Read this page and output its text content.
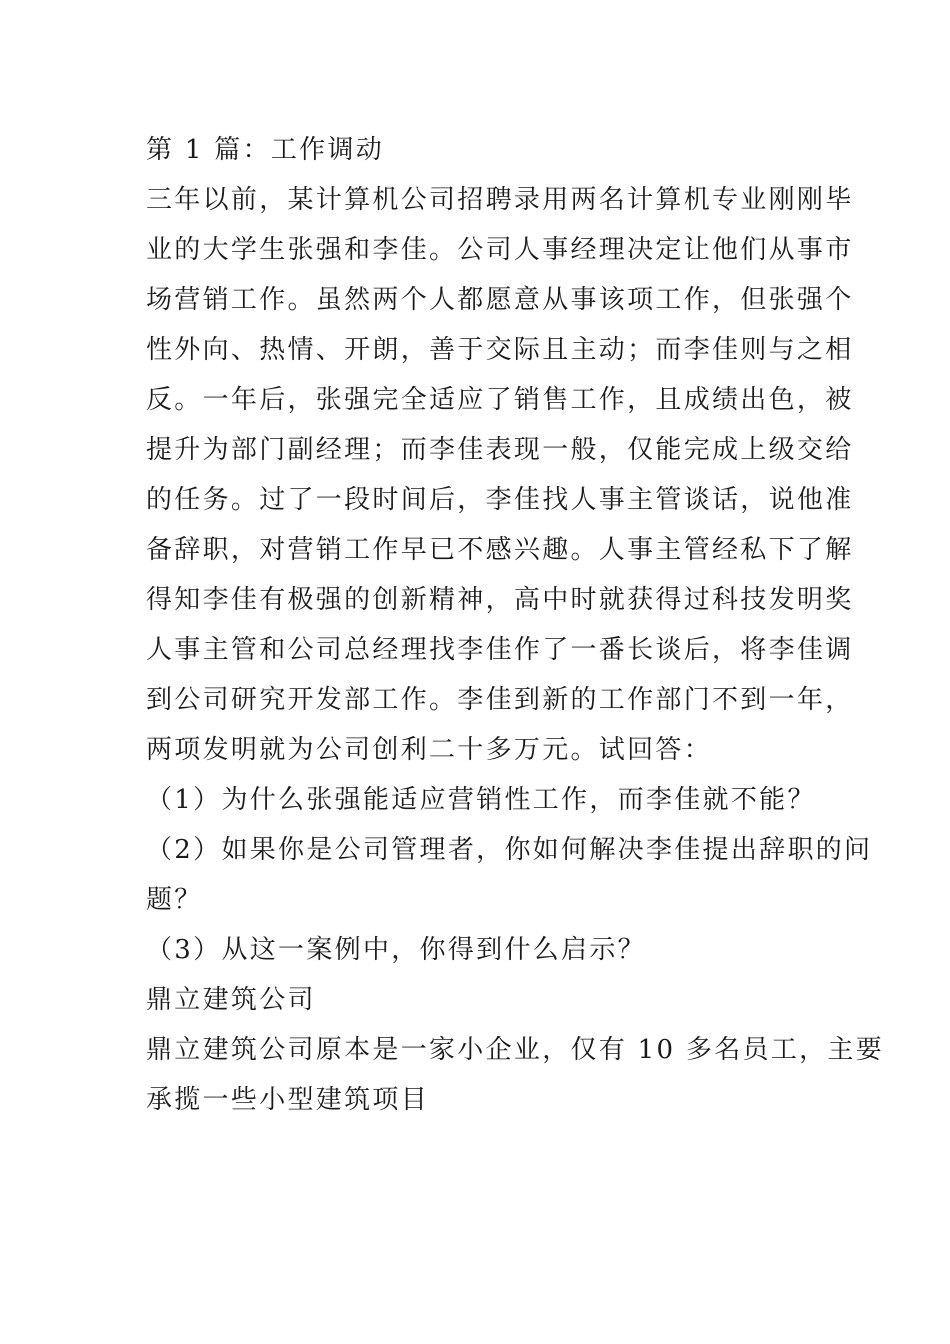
第 1 篇：工作调动
三年以前，某计算机公司招聘录用两名计算机专业刚刚毕
业的大学生张强和李佳。公司人事经理决定让他们从事市
场营销工作。虽然两个人都愿意从事该项工作，但张强个
性外向、热情、开朗，善于交际且主动；而李佳则与之相
反。一年后，张强完全适应了销售工作，且成绩出色，被
提升为部门副经理；而李佳表现一般，仅能完成上级交给
的任务。过了一段时间后，李佳找人事主管谈话，说他准
备辞职，对营销工作早已不感兴趣。人事主管经私下了解
得知李佳有极强的创新精神，高中时就获得过科技发明奖
人事主管和公司总经理找李佳作了一番长谈后，将李佳调
到公司研究开发部工作。李佳到新的工作部门不到一年，
两项发明就为公司创利二十多万元。试回答：
（1）为什么张强能适应营销性工作，而李佳就不能？
（2）如果你是公司管理者，你如何解决李佳提出辞职的问
题？
（3）从这一案例中，你得到什么启示？
鼎立建筑公司
鼎立建筑公司原本是一家小企业，仅有 10 多名员工，主要
承揽一些小型建筑项目
